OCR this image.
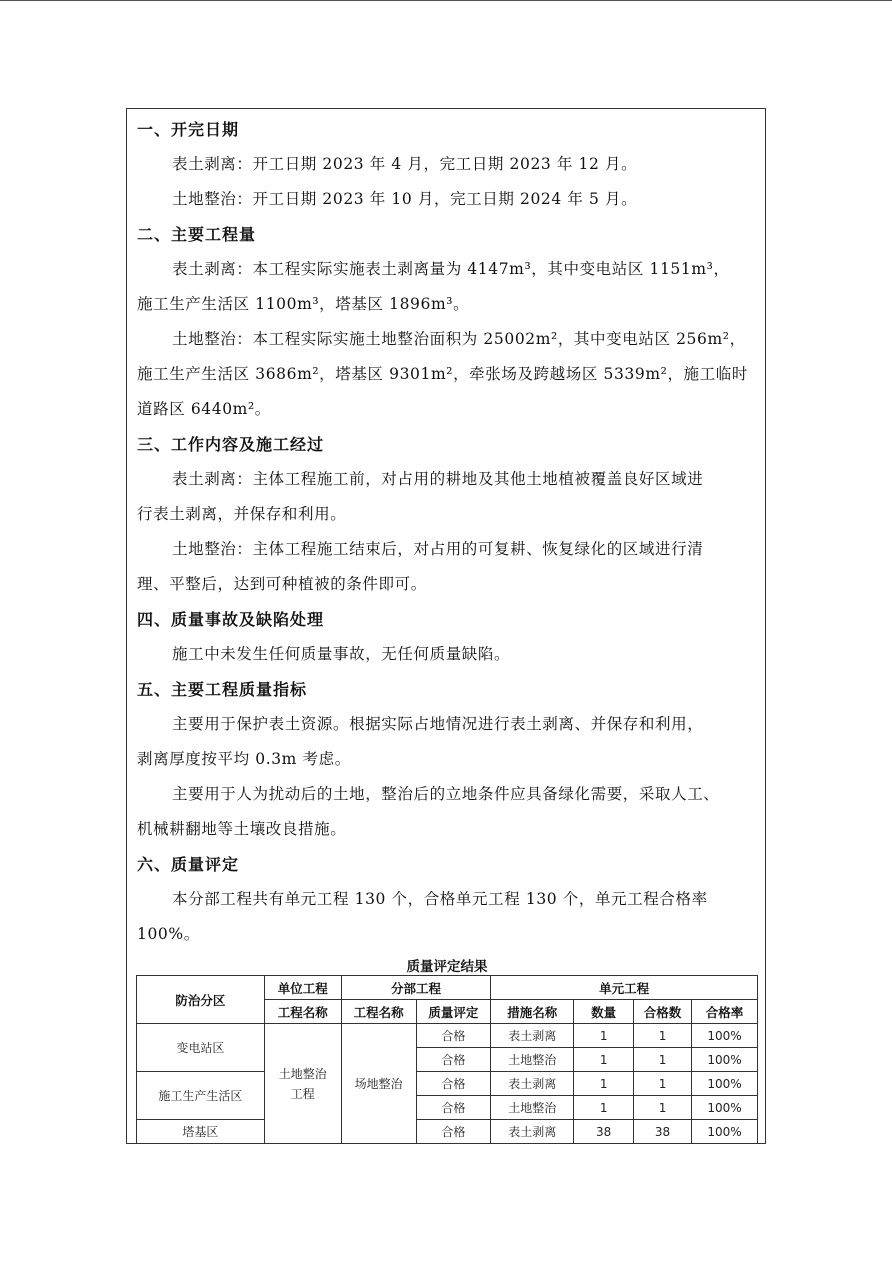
一、开完日期
表土剥离：开工日期 2023 年 4 月，完工日期 2023 年 12 月。
土地整治：开工日期 2023 年 10 月，完工日期 2024 年 5 月。
二、主要工程量
表土剥离：本工程实际实施表土剥离量为 4147m³，其中变电站区 1151m³，
施工生产生活区 1100m³，塔基区 1896m³。
土地整治：本工程实际实施土地整治面积为 25002m²，其中变电站区 256m²，
施工生产生活区 3686m²，塔基区 9301m²，牵张场及跨越场区 5339m²，施工临时
道路区 6440m²。
三、工作内容及施工经过
表土剥离：主体工程施工前，对占用的耕地及其他土地植被覆盖良好区域进
行表土剥离，并保存和利用。
土地整治：主体工程施工结束后，对占用的可复耕、恢复绿化的区域进行清
理、平整后，达到可种植被的条件即可。
四、质量事故及缺陷处理
施工中未发生任何质量事故，无任何质量缺陷。
五、主要工程质量指标
主要用于保护表土资源。根据实际占地情况进行表土剥离、并保存和利用，
剥离厚度按平均 0.3m 考虑。
主要用于人为扰动后的土地，整治后的立地条件应具备绿化需要，采取人工、
机械耕翻地等土壤改良措施。
六、质量评定
本分部工程共有单元工程 130 个，合格单元工程 130 个，单元工程合格率
100%。
质量评定结果
防治分区	单位工程	分部工程		单元工程			
	工程名称	工程名称	质量评定	措施名称	数量	合格数	合格率
变电站区	土地整治工程	场地整治	合格	表土剥离	1	1	100%
			合格	土地整治	1	1	100%
施工生产生活区			合格	表土剥离	1	1	100%
			合格	土地整治	1	1	100%
塔基区			合格	表土剥离	38	38	100%
